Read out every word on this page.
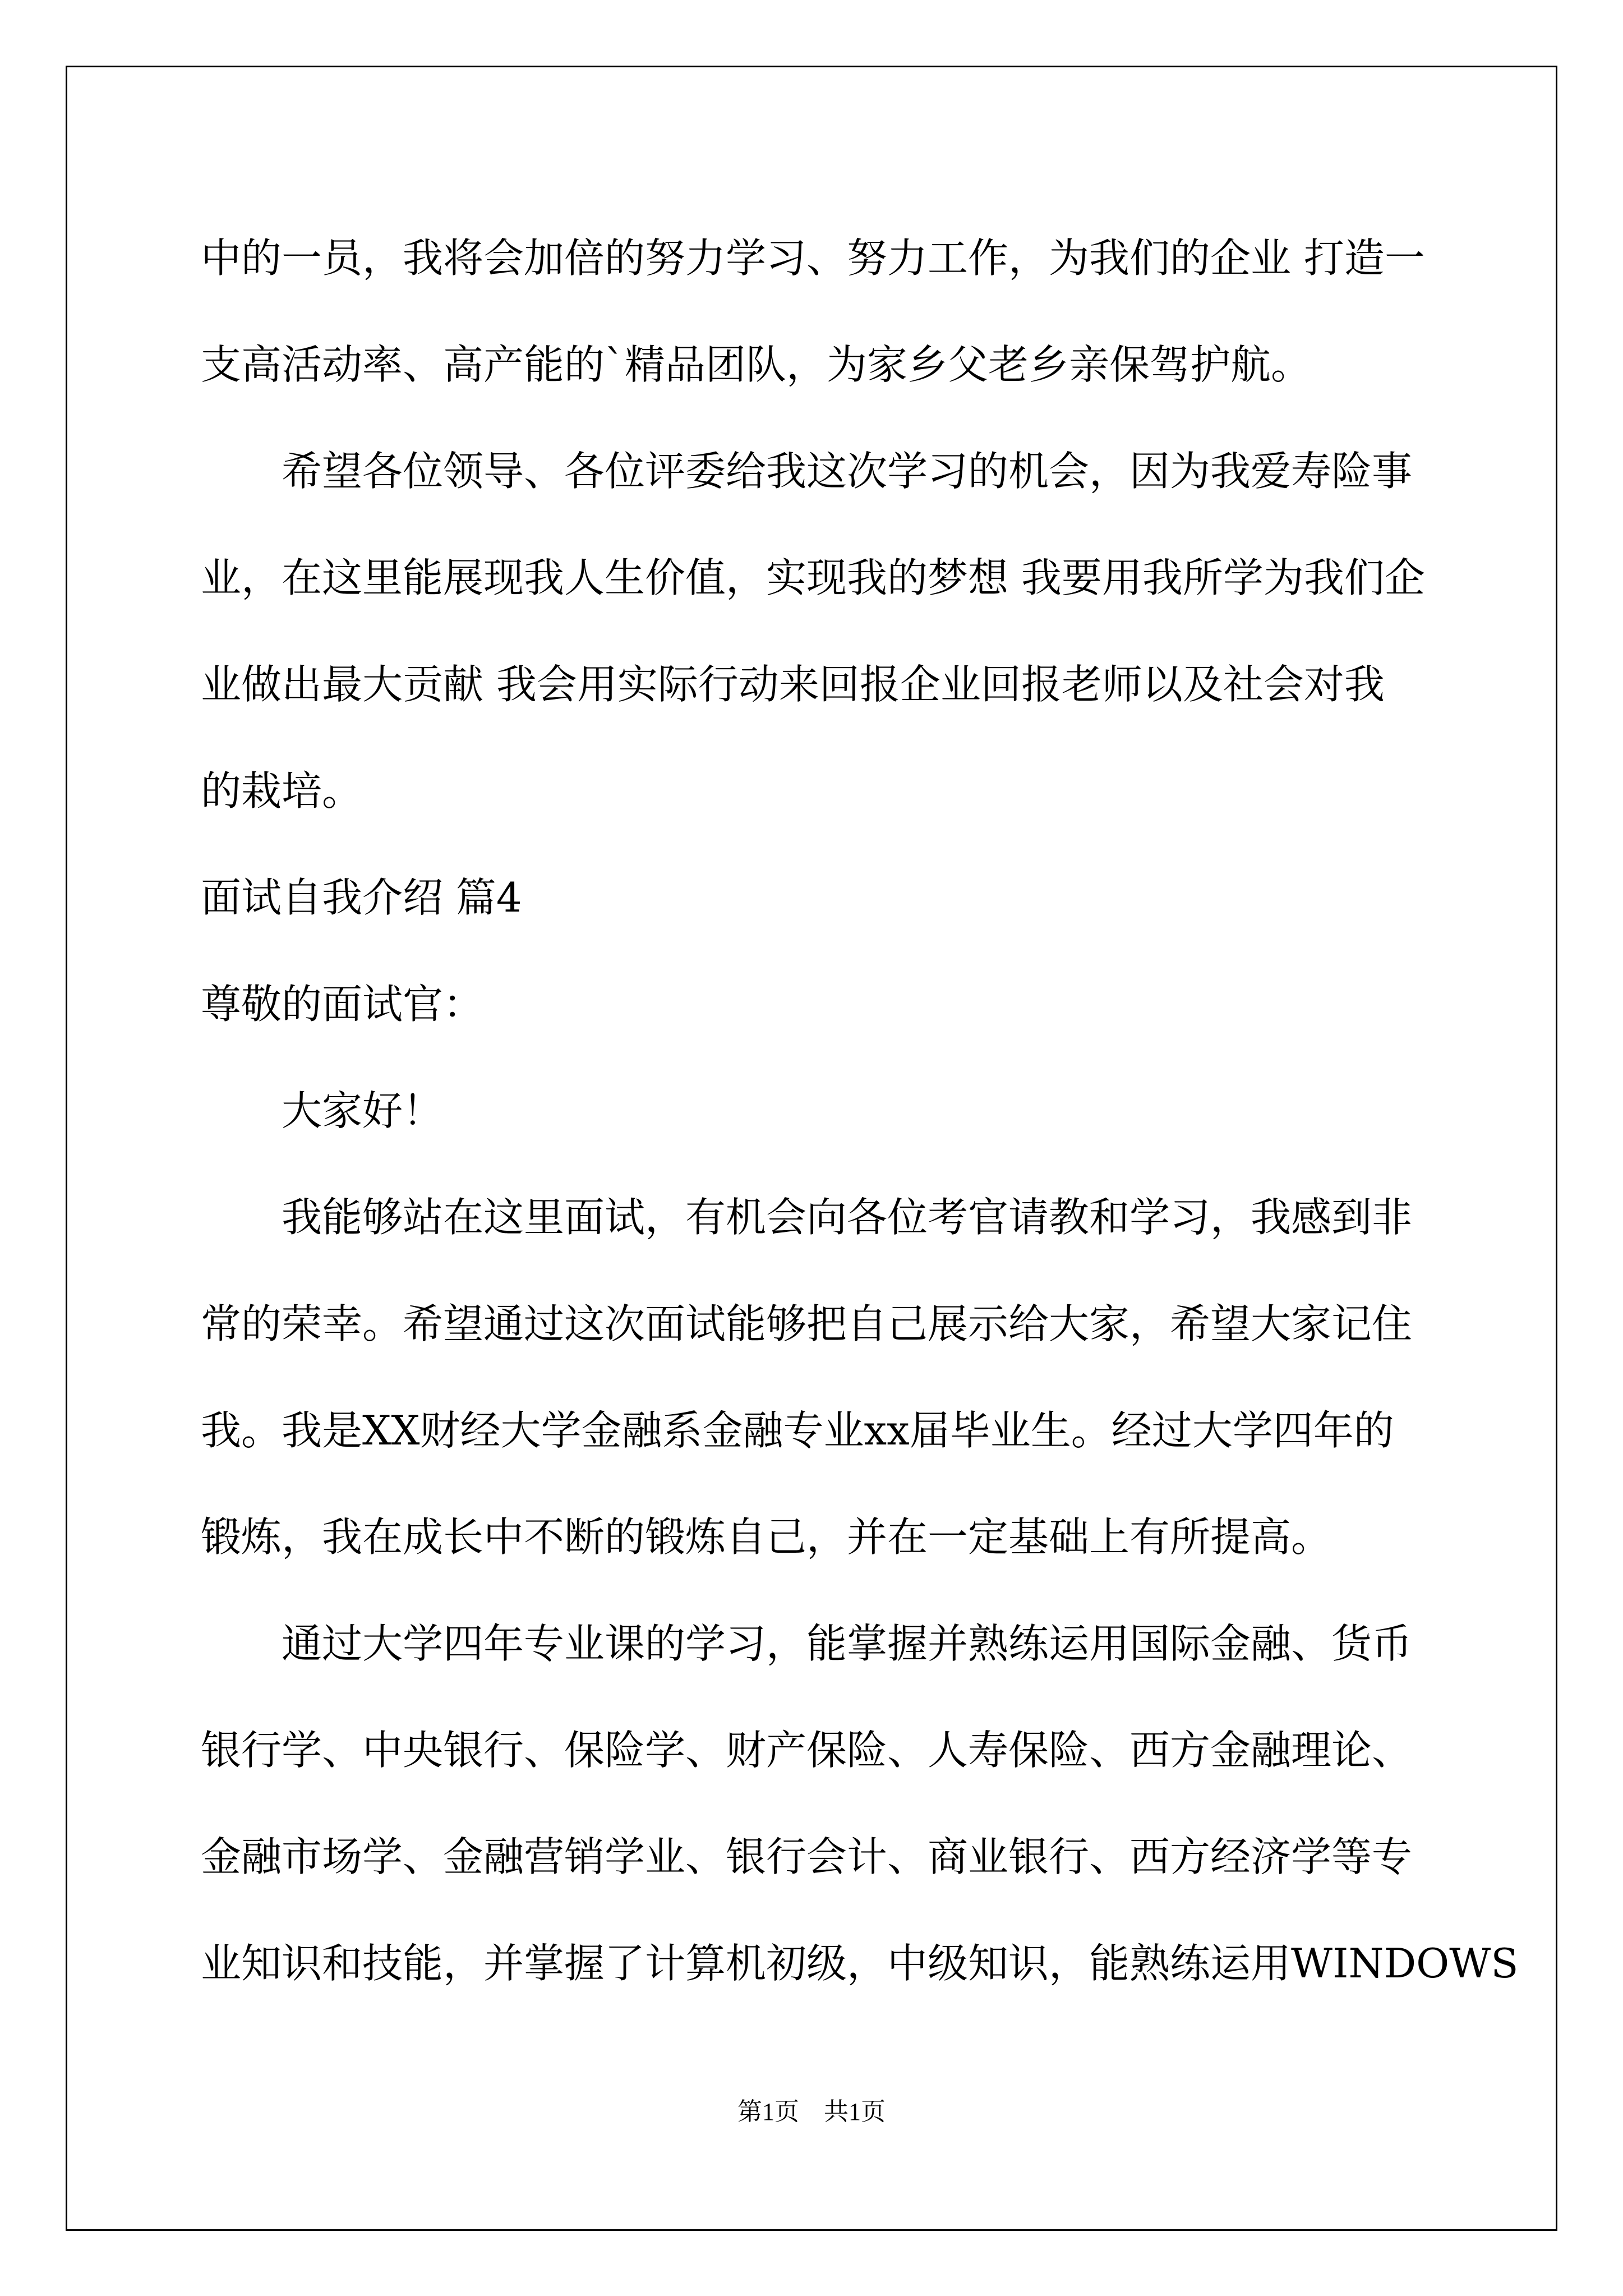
中的一员，我将会加倍的努力学习、努力工作，为我们的企业 打造一
支高活动率、高产能的`精品团队，为家乡父老乡亲保驾护航。
　　希望各位领导、各位评委给我这次学习的机会，因为我爱寿险事
业，在这里能展现我人生价值，实现我的梦想 我要用我所学为我们企
业做出最大贡献 我会用实际行动来回报企业回报老师以及社会对我
的栽培。
面试自我介绍 篇4
尊敬的面试官：
　　大家好！
　　我能够站在这里面试，有机会向各位考官请教和学习，我感到非
常的荣幸。希望通过这次面试能够把自己展示给大家，希望大家记住
我。我是XX财经大学金融系金融专业xx届毕业生。经过大学四年的
锻炼，我在成长中不断的锻炼自己，并在一定基础上有所提高。
　　通过大学四年专业课的学习，能掌握并熟练运用国际金融、货币
银行学、中央银行、保险学、财产保险、人寿保险、西方金融理论、
金融市场学、金融营销学业、银行会计、商业银行、西方经济学等专
业知识和技能，并掌握了计算机初级，中级知识，能熟练运用WINDOWS
第1页　共1页
